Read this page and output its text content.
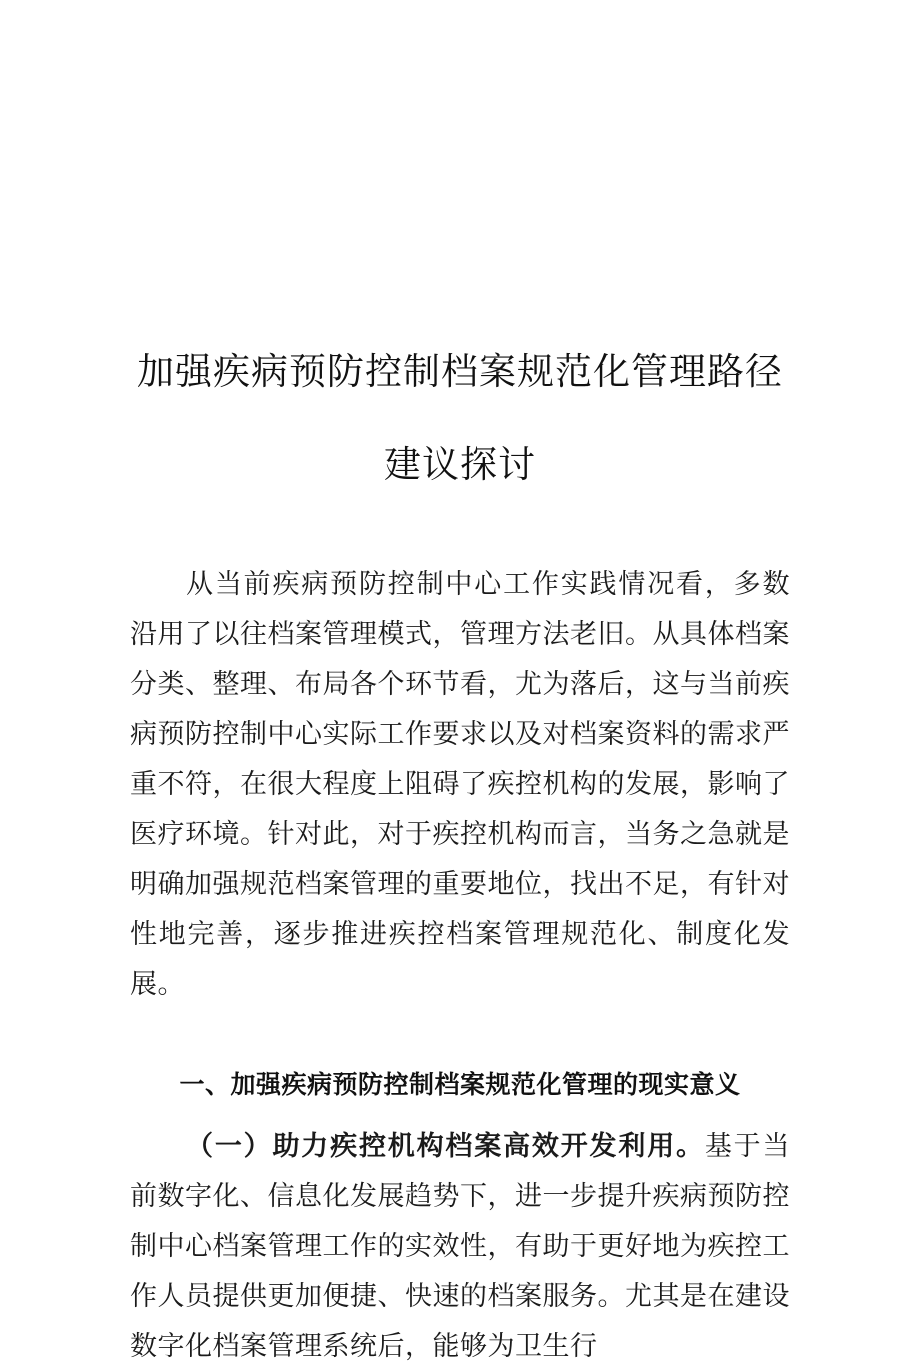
加强疾病预防控制档案规范化管理路径建议探讨

从当前疾病预防控制中心工作实践情况看，多数沿用了以往档案管理模式，管理方法老旧。从具体档案分类、整理、布局各个环节看，尤为落后，这与当前疾病预防控制中心实际工作要求以及对档案资料的需求严重不符，在很大程度上阻碍了疾控机构的发展，影响了医疗环境。针对此，对于疾控机构而言，当务之急就是明确加强规范档案管理的重要地位，找出不足，有针对性地完善，逐步推进疾控档案管理规范化、制度化发展。

一、加强疾病预防控制档案规范化管理的现实意义

（一）助力疾控机构档案高效开发利用。基于当前数字化、信息化发展趋势下，进一步提升疾病预防控制中心档案管理工作的实效性，有助于更好地为疾控工作人员提供更加便捷、快速的档案服务。尤其是在建设数字化档案管理系统后，能够为卫生行
